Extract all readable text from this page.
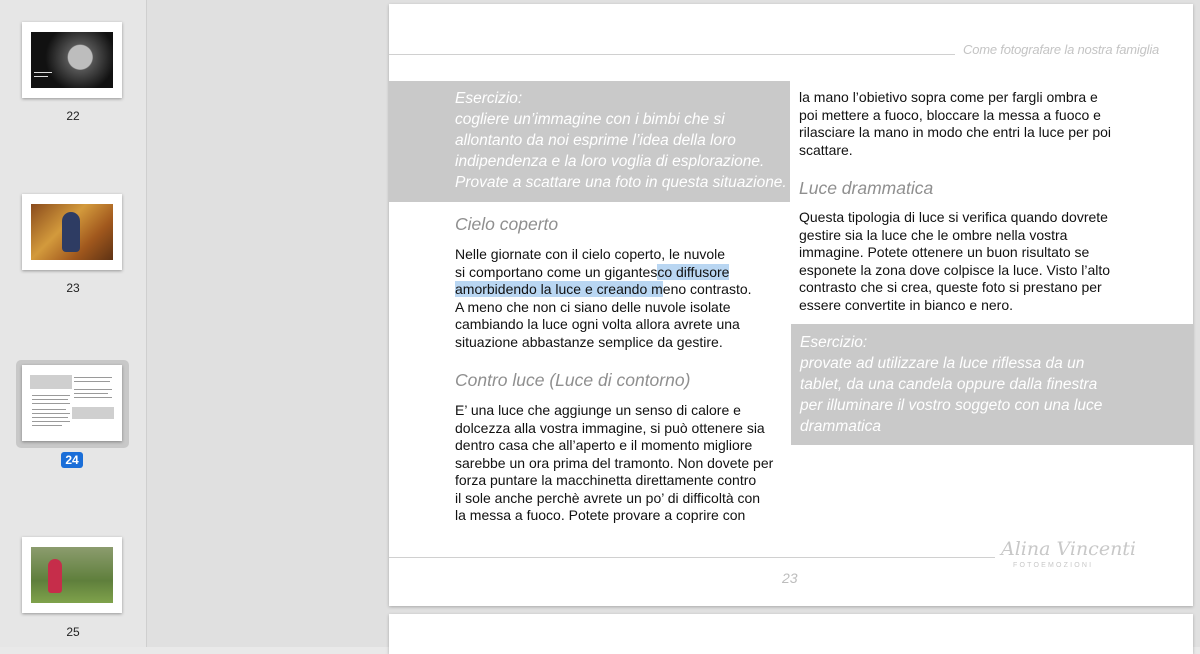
22
23
24
25
Come fotografare la nostra famiglia
Esercizio:
cogliere un’immagine con i bimbi che si
allontanto da noi esprime l’idea della loro
indipendenza e la loro voglia di esplorazione.
Provate a scattare una foto in questa situazione.
Cielo coperto
Nelle giornate con il cielo coperto, le nuvole
si comportano come un gigantesco diffusore
amorbidendo la luce e creando meno contrasto.
A meno che non ci siano delle nuvole isolate
cambiando la luce ogni volta allora avrete una
situazione abbastanze semplice da gestire.
Contro luce (Luce di contorno)
E’ una luce che aggiunge un senso di calore e
dolcezza alla vostra immagine, si può ottenere sia
dentro casa che all’aperto e il momento migliore
sarebbe un ora prima del tramonto. Non dovete per
forza puntare la macchinetta direttamente contro
il sole anche perchè avrete un po’ di difficoltà con
la messa a fuoco. Potete provare a coprire con
la mano l’obietivo sopra come per fargli ombra e
poi mettere a fuoco, bloccare la messa a fuoco e
rilasciare la mano in modo che entri la luce per poi
scattare.
Luce drammatica
Questa tipologia di luce si verifica quando dovrete
gestire sia la luce che le ombre nella vostra
immagine. Potete ottenere un buon risultato se
esponete la zona dove colpisce la luce. Visto l’alto
contrasto che si crea, queste foto si prestano per
essere convertite in bianco e nero.
Esercizio:
provate ad utilizzare la luce riflessa da un
tablet, da una candela oppure dalla finestra
per illuminare il vostro soggeto con una luce
drammatica
Alina Vincenti
FOTOEMOZIONI
23
